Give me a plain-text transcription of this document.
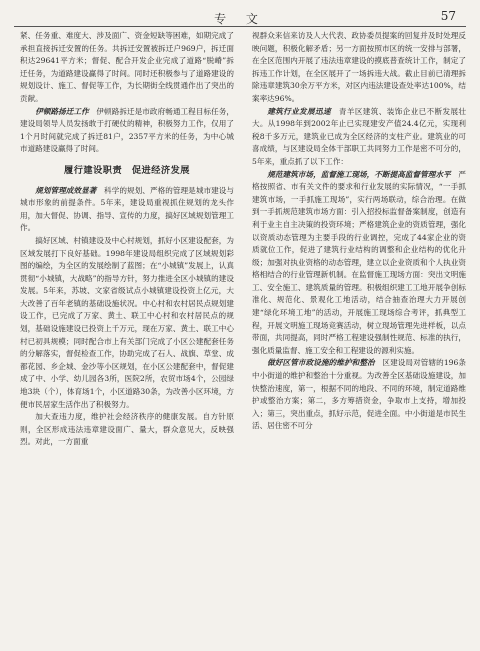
专 文	57

紧、任务重、难度大、涉及面广、资金短缺等困难，如期完成了承担直接拆迁安置的任务。共拆迁安置被拆迁户969户，拆迁面积达29641平方米；督促、配合开发企业完成了道路“脱嵴”拆迁任务，为道路建设赢得了时间。同时还积极参与了道路建设的规划设计、施工、督促等工作，为长期街全线贯通作出了突出的贡献。

伊顿路扬迁工作　 伊顿路拆迁是市政府畅通工程目标任务，建设局领导人员发扬敢于打硬仗的精神，积极努力工作，仅用了1个月时间就完成了拆迁81户，2357平方米的任务，为中心城市道路建设赢得了时间。

履行建设职责　促进经济发展

规划管理成效显著　 科学的规划、严格的管理是城市建设与城市形象的前提条件。5年来，建设局重视抓住规划的龙头作用，加大督促、协调、指导、宣传的力度，搞好区域规划管理工作。

搞好区域、村镇建设及中心村规划，抓好小区建设配套，为区域发展打下良好基础。1998年建设局组织完成了区域规划彩图的编绘，为全区的发展绘制了蓝图；在“小城镇”发展上，认真贯彻“小城镇，大战略”的指导方针，努力推进全区小城镇的建设发展。5年来，苏坡、文家省级试点小城镇建设投资上亿元，大大改善了百年老镇的基础设施状况。中心村和农村居民点规划建设工作，已完成了万家、黄土、联工中心村和农村居民点的规划，基础设施建设已投资上千万元，现在万家、黄土、联工中心村已初具规模；同时配合市上有关部门完成了小区公建配套任务的分解落实，督促检查工作，协助完成了石人、战旗、草堂、成都花园、乡企城、金沙等小区规划，在小区公建配套中，督促建成了中、小学、幼儿园各3所，医院2所，农贸市场4个，公园绿地3块（个），体育场1个，小区道路30条，为改善小区环境，方便市民居家生活作出了积极努力。

加大查违力度，维护社会经济秩序的健康发展。自方针原则，全区形成违法违章建设面广、量大，群众意见大，反映强烈。对此，一方面重

视群众来信来访及人大代表、政协委员提案的回复并及时处理反映问题，积极化解矛盾；另一方面按照市区的统一安排与部署，在全区范围内开展了违法违章建设的摸底普查统计工作，制定了拆违工作计划，在全区展开了一场拆违大战。截止目前已清理拆除违章建筑30余万平方米，对区内违法建设查处率达100%，结案率达96%。

建筑行业发展迅速　 青羊区建筑、装饰企业已不断发展壮大。从1998年到2002年止已实现建安产值24.4亿元，实现利税8千多万元，建筑业已成为全区经济的支柱产业。建筑业的可喜成绩，与区建设局全体干部职工共同努力工作是密不可分的，5年来，重点抓了以下工作：

规范建筑市场，监督施工现场，不断提高监督管理水平　 严格按照省、市有关文件的要求和行业发展的实际情况，“一手抓建筑市场，一手抓施工现场”，实行两场联动，综合治理。在做到一手抓规范建筑市场方面：引入招投标监督备案制度，创造有利于业主自主决策的投资环境；严格建筑企业的资质管理，强化以资质动态管理为主要手段的行业调控，完成了44家企业的资质就位工作，促进了建筑行业结构的调整和企业结构的优化升级；加强对执业资格的动态管理，建立以企业资质和个人执业资格相结合的行业管理新机制。在监督施工现场方面：突出文明施工、安全施工、建筑质量的管理。积极组织建工工地开展争创标准化、规范化、景观化工地活动，结合抽查治理大力开展创建“绿化环境工地”的活动，开展施工现场综合考评，抓典型工程，开展文明施工现场竞赛活动，树立现场管理先进样板，以点带面，共同提高，同时严格工程建设强制性规范、标准的执行，强化质量监督、施工安全和工程建设的源利实施。

做好区管市政设施的维护和整治　 区建设局对管辖的196条中小街道的维护和整治十分重视。为改善全区基础设施建设，加快整治速度，第一，根据不同的地段、不同的环境，制定道路维护或整治方案；第二，多方筹措资金，争取市上支持，增加投入；第三，突出重点，抓好示范，促进全面。中小街道是市民生活、居住密不可分
